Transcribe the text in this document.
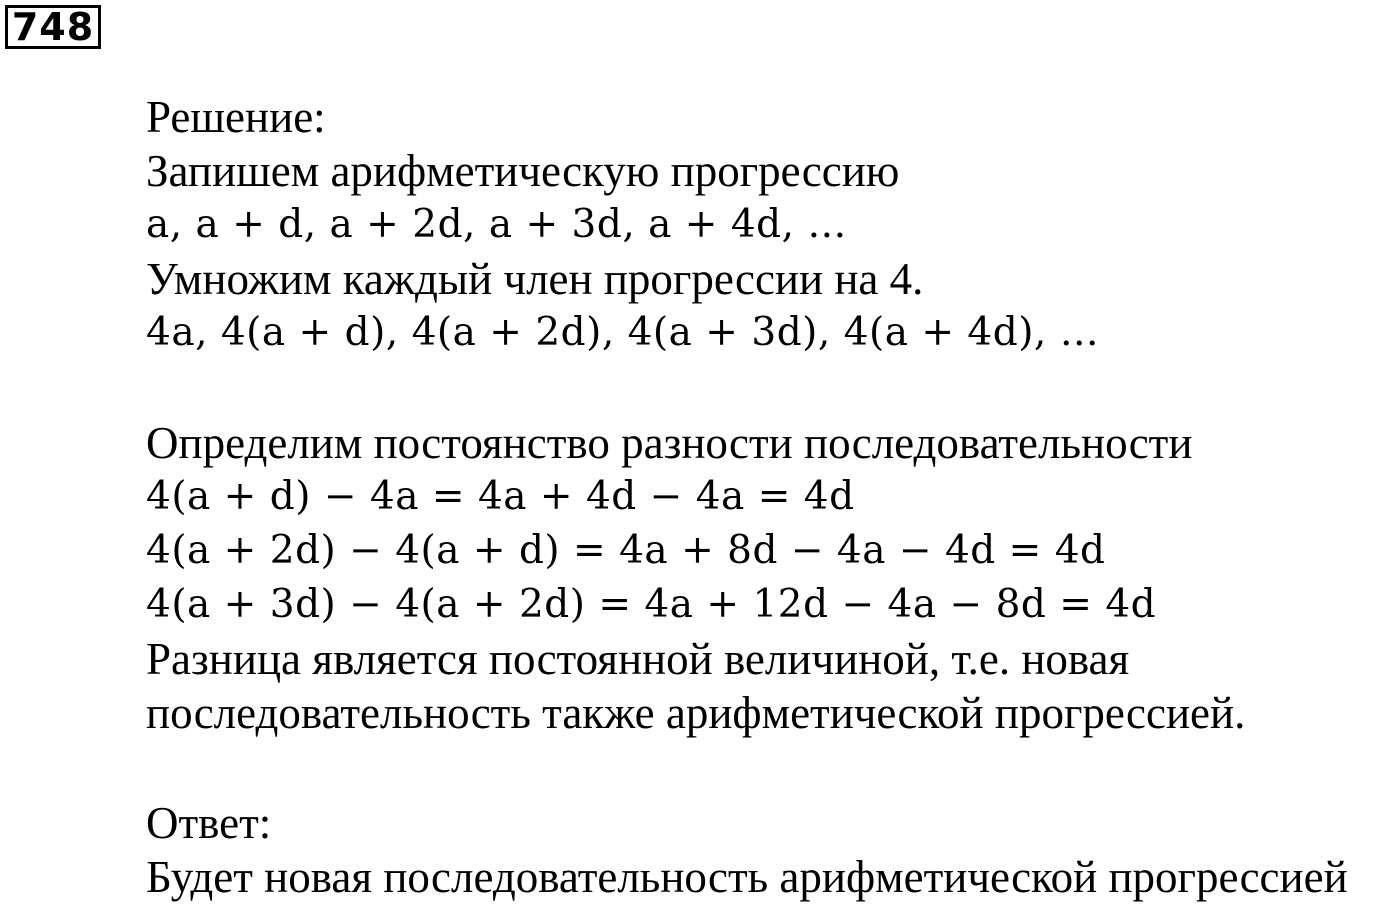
748
Решение:
Запишем арифметическую прогрессию
a, a + d, a + 2d, a + 3d, a + 4d, …
Умножим каждый член прогрессии на 4.
4a, 4(a + d), 4(a + 2d), 4(a + 3d), 4(a + 4d), …
Определим постоянство разности последовательности
4(a + d) − 4a = 4a + 4d − 4a = 4d
4(a + 2d) − 4(a + d) = 4a + 8d − 4a − 4d = 4d
4(a + 3d) − 4(a + 2d) = 4a + 12d − 4a − 8d = 4d
Разница является постоянной величиной, т.е. новая
последовательность также арифметической прогрессией.
Ответ:
Будет новая последовательность арифметической прогрессией
